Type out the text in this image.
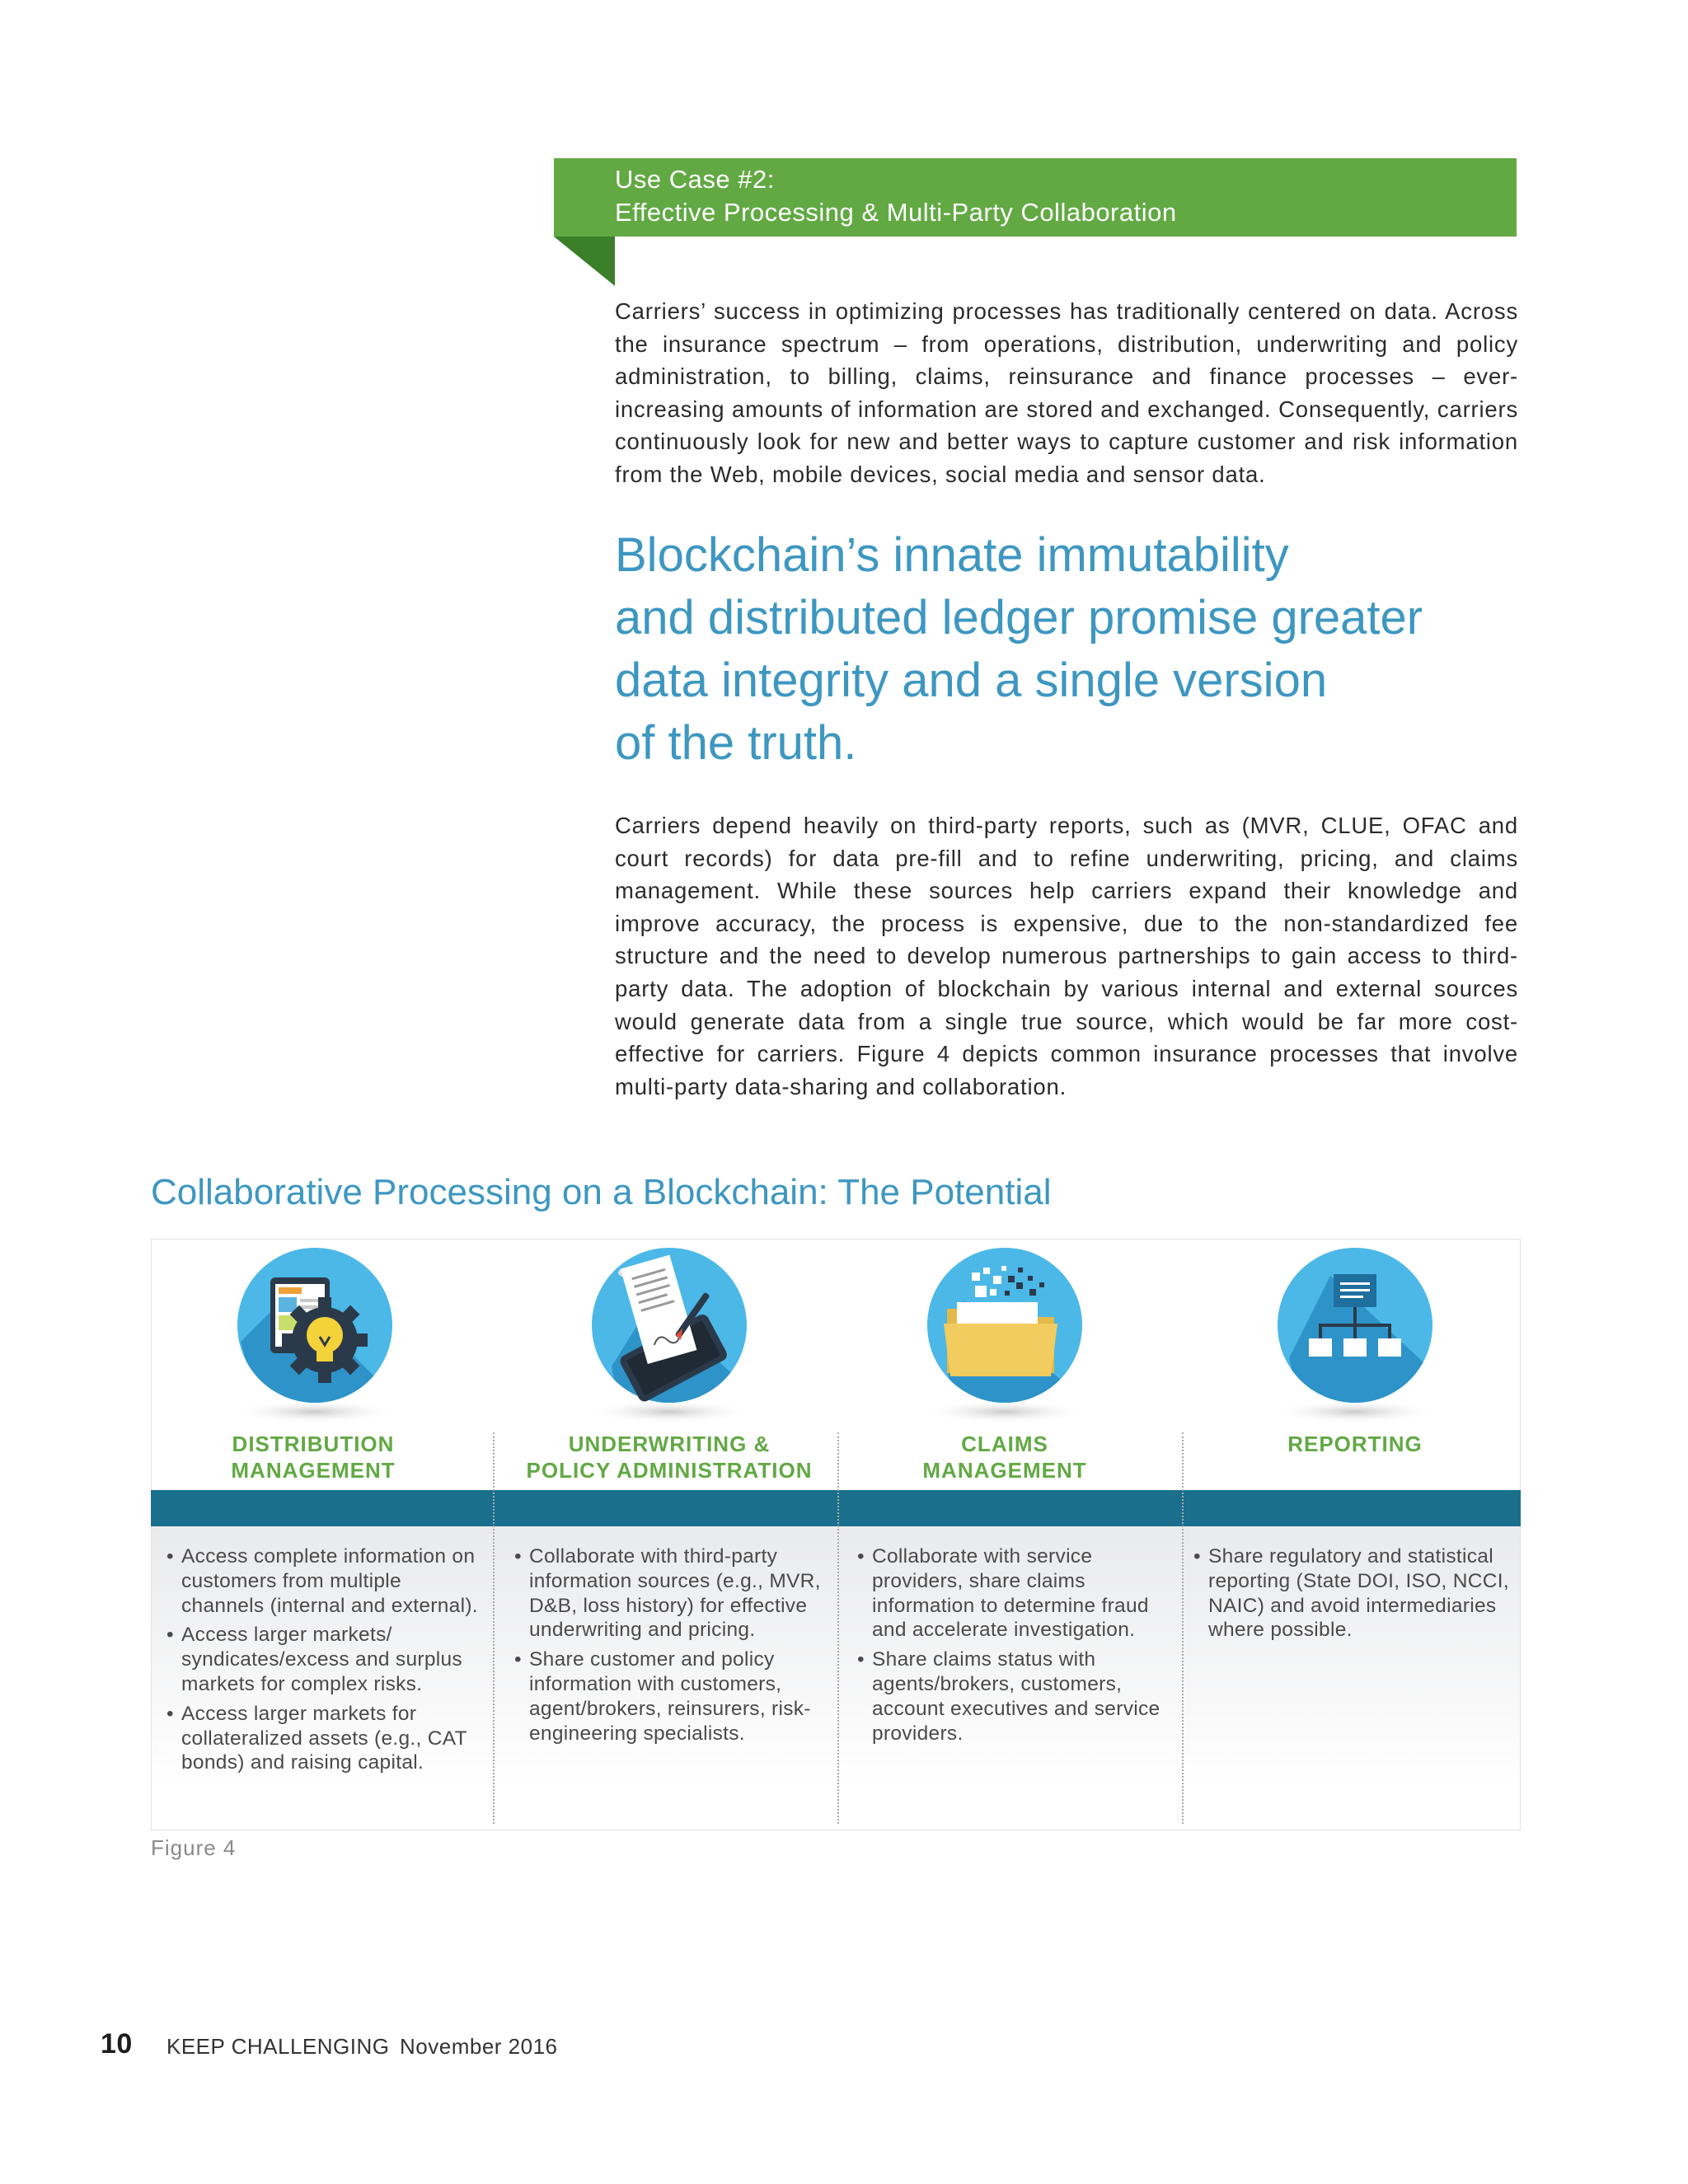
Use Case #2:
Effective Processing & Multi-Party Collaboration

Carriers’ success in optimizing processes has traditionally centered on data. Across the insurance spectrum – from operations, distribution, underwriting and policy administration, to billing, claims, reinsurance and finance processes – ever-increasing amounts of information are stored and exchanged. Consequently, carriers continuously look for new and better ways to capture customer and risk information from the Web, mobile devices, social media and sensor data.

Blockchain’s innate immutability
and distributed ledger promise greater
data integrity and a single version
of the truth.

Carriers depend heavily on third-party reports, such as (MVR, CLUE, OFAC and court records) for data pre-fill and to refine underwriting, pricing, and claims management. While these sources help carriers expand their knowledge and improve accuracy, the process is expensive, due to the non-standardized fee structure and the need to develop numerous partnerships to gain access to third-party data. The adoption of blockchain by various internal and external sources would generate data from a single true source, which would be far more cost-effective for carriers. Figure 4 depicts common insurance processes that involve multi-party data-sharing and collaboration.

Collaborative Processing on a Blockchain: The Potential
DISTRIBUTION
MANAGEMENT
UNDERWRITING &
POLICY ADMINISTRATION
CLAIMS
MANAGEMENT
REPORTING
• Access complete information on customers from multiple channels (internal and external).
• Access larger markets/ syndicates/excess and surplus markets for complex risks.
• Access larger markets for collateralized assets (e.g., CAT bonds) and raising capital.
• Collaborate with third-party information sources (e.g., MVR, D&B, loss history) for effective underwriting and pricing.
• Share customer and policy information with customers, agent/brokers, reinsurers, risk-engineering specialists.
• Collaborate with service providers, share claims information to determine fraud and accelerate investigation.
• Share claims status with agents/brokers, customers, account executives and service providers.
• Share regulatory and statistical reporting (State DOI, ISO, NCCI, NAIC) and avoid intermediaries where possible.

Figure 4

10 KEEP CHALLENGING November 2016
